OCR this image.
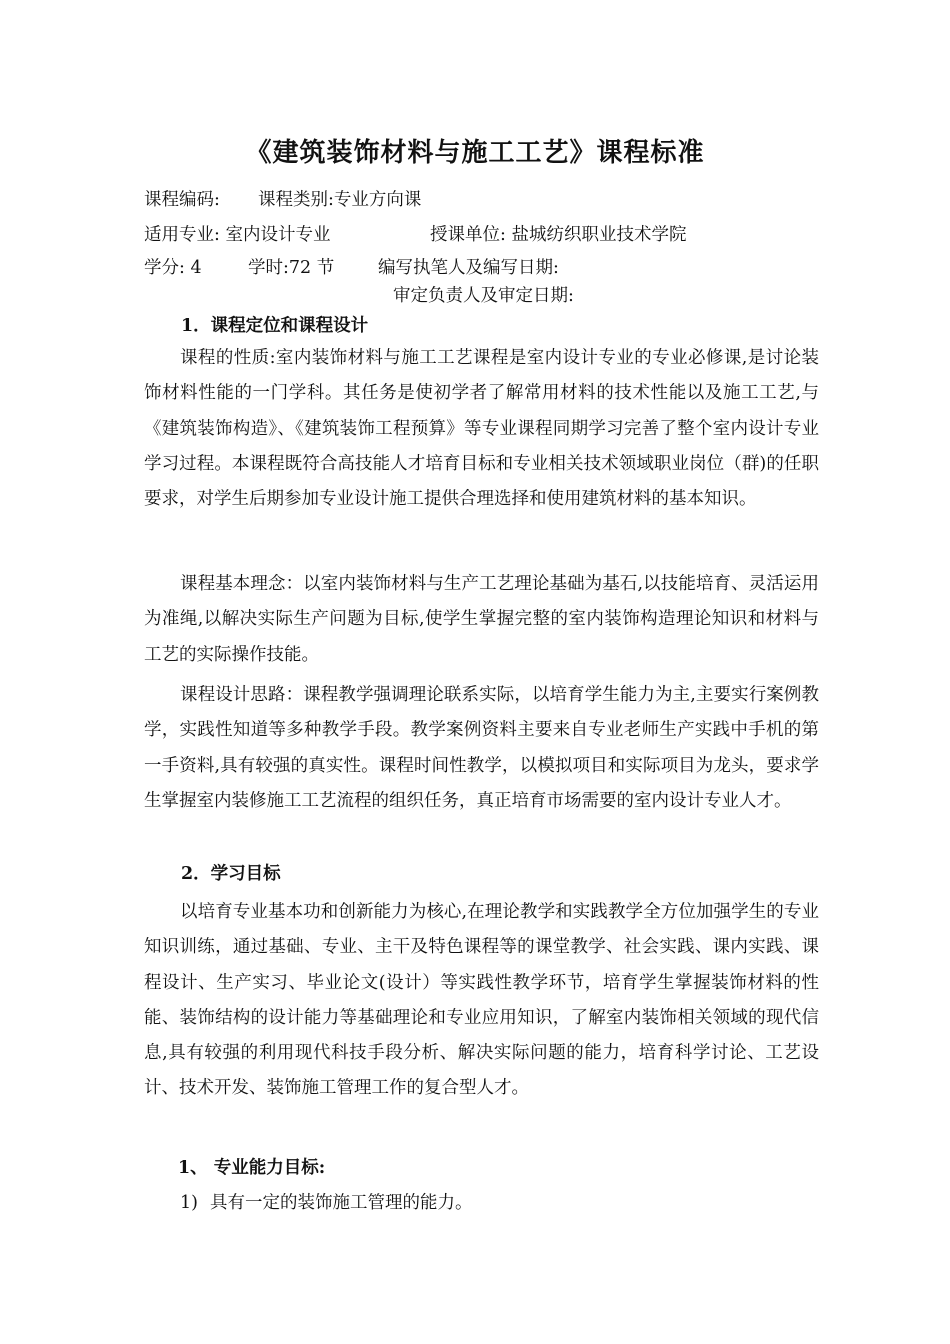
《建筑装饰材料与施工工艺》课程标准
课程编码: 课程类别:专业方向课
适用专业: 室内设计专业	授课单位: 盐城纺织职业技术学院
学分: 4	学时:72 节	编写执笔人及编写日期:
审定负责人及审定日期:
1．课程定位和课程设计
课程的性质:室内装饰材料与施工工艺课程是室内设计专业的专业必修课,是讨论装饰材料性能的一门学科。其任务是使初学者了解常用材料的技术性能以及施工工艺,与《建筑装饰构造》、《建筑装饰工程预算》等专业课程同期学习完善了整个室内设计专业学习过程。本课程既符合高技能人才培育目标和专业相关技术领域职业岗位（群)的任职要求，对学生后期参加专业设计施工提供合理选择和使用建筑材料的基本知识。
课程基本理念：以室内装饰材料与生产工艺理论基础为基石,以技能培育、灵活运用为准绳,以解决实际生产问题为目标,使学生掌握完整的室内装饰构造理论知识和材料与工艺的实际操作技能。
课程设计思路：课程教学强调理论联系实际，以培育学生能力为主,主要实行案例教学，实践性知道等多种教学手段。教学案例资料主要来自专业老师生产实践中手机的第一手资料,具有较强的真实性。课程时间性教学，以模拟项目和实际项目为龙头，要求学生掌握室内装修施工工艺流程的组织任务，真正培育市场需要的室内设计专业人才。
2．学习目标
以培育专业基本功和创新能力为核心,在理论教学和实践教学全方位加强学生的专业知识训练，通过基础、专业、主干及特色课程等的课堂教学、社会实践、课内实践、课程设计、生产实习、毕业论文(设计）等实践性教学环节，培育学生掌握装饰材料的性能、装饰结构的设计能力等基础理论和专业应用知识，了解室内装饰相关领域的现代信息,具有较强的利用现代科技手段分析、解决实际问题的能力，培育科学讨论、工艺设计、技术开发、装饰施工管理工作的复合型人才。
1、 专业能力目标:
1) 具有一定的装饰施工管理的能力。
